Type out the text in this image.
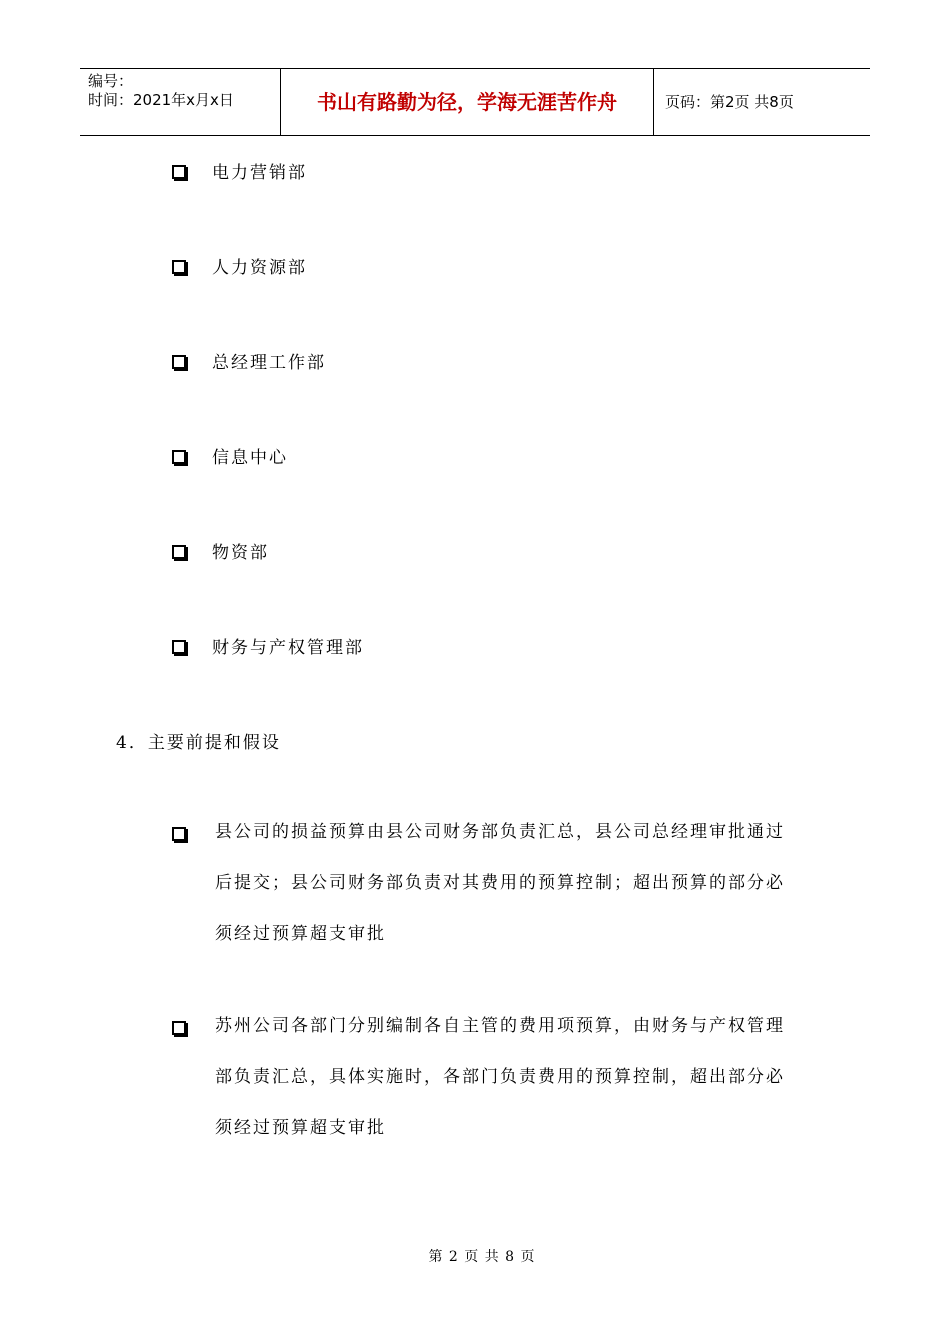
编号：
时间：2021年x月x日	书山有路勤为径，学海无涯苦作舟	页码：第2页 共8页
电力营销部
人力资源部
总经理工作部
信息中心
物资部
财务与产权管理部
4．主要前提和假设
县公司的损益预算由县公司财务部负责汇总，县公司总经理审批通过
后提交；县公司财务部负责对其费用的预算控制；超出预算的部分必
须经过预算超支审批
苏州公司各部门分别编制各自主管的费用项预算，由财务与产权管理
部负责汇总，具体实施时，各部门负责费用的预算控制，超出部分必
须经过预算超支审批
第 2 页 共 8 页
